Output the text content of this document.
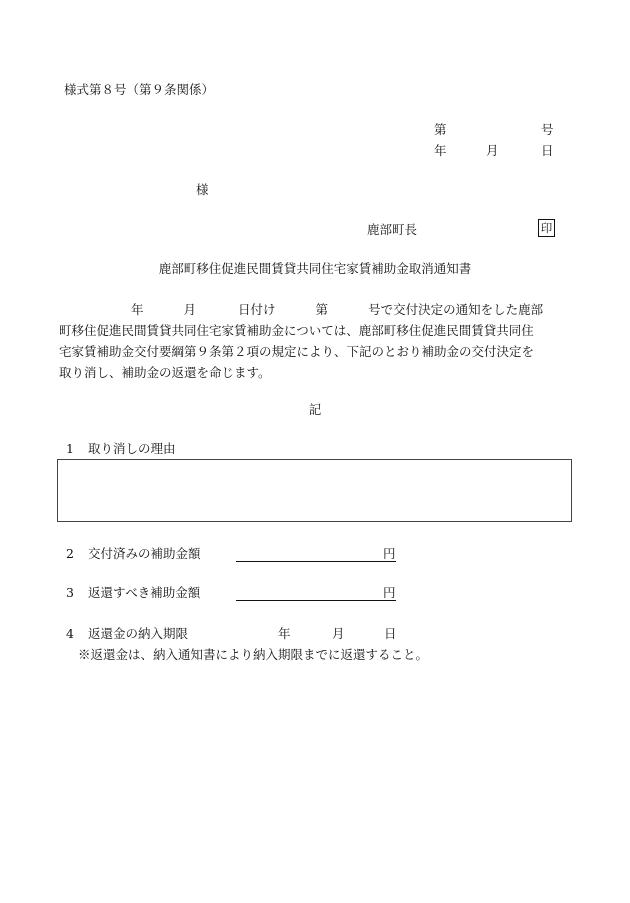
様式第８号（第９条関係）
第	号
年	月	日
様
鹿部町長	印
鹿部町移住促進民間賃貸共同住宅家賃補助金取消通知書
年	月	日付け	第	号で交付決定の通知をした鹿部
町移住促進民間賃貸共同住宅家賃補助金については、鹿部町移住促進民間賃貸共同住
宅家賃補助金交付要綱第９条第２項の規定により、下記のとおり補助金の交付決定を
取り消し、補助金の返還を命じます。
記
1 取り消しの理由
2 交付済みの補助金額	円
3 返還すべき補助金額	円
4 返還金の納入期限	年	月	日
※返還金は、納入通知書により納入期限までに返還すること。
